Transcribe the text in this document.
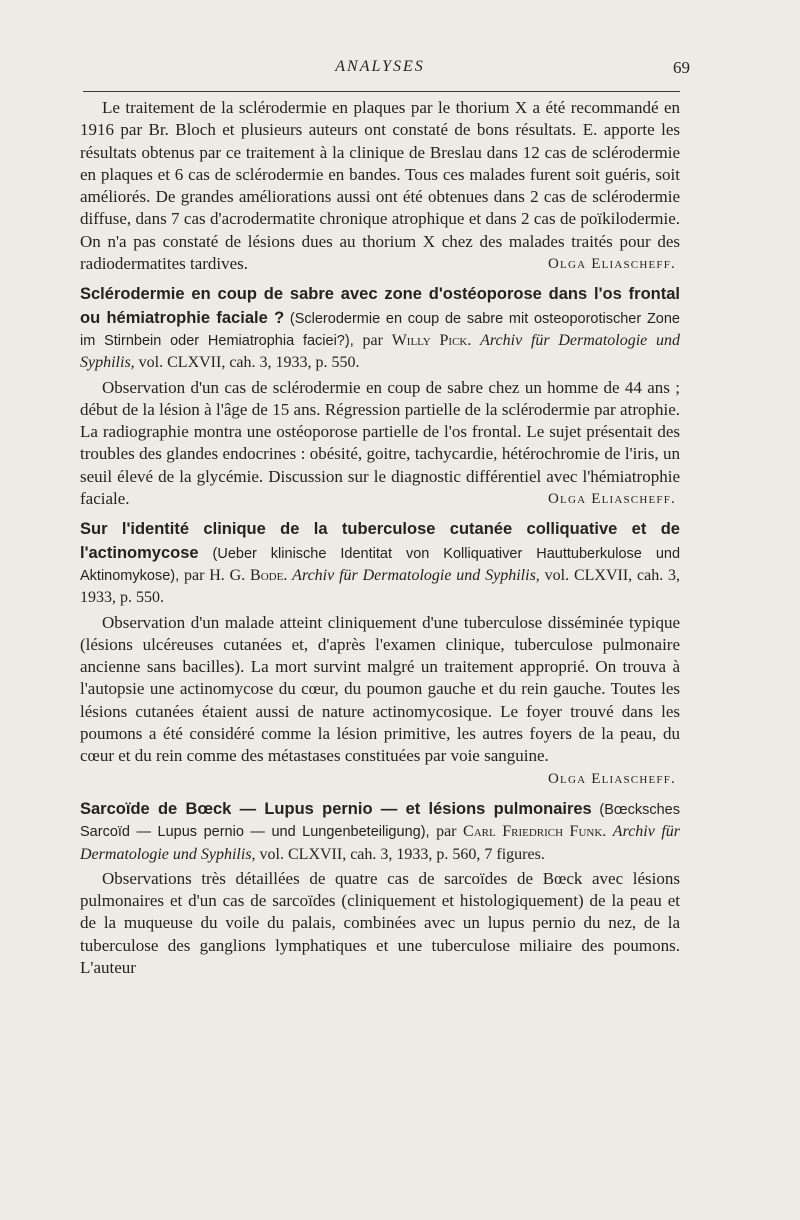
ANALYSES	69

Le traitement de la sclérodermie en plaques par le thorium X a été recommandé en 1916 par Br. Bloch et plusieurs auteurs ont constaté de bons résultats. E. apporte les résultats obtenus par ce traitement à la clinique de Breslau dans 12 cas de sclérodermie en plaques et 6 cas de sclérodermie en bandes. Tous ces malades furent soit guéris, soit améliorés. De grandes améliorations aussi ont été obtenues dans 2 cas de sclérodermie diffuse, dans 7 cas d'acrodermatite chronique atrophique et dans 2 cas de poïkilodermie. On n'a pas constaté de lésions dues au thorium X chez des malades traités pour des radiodermatites tardives.	Olga Eliascheff.

Sclérodermie en coup de sabre avec zone d'ostéoporose dans l'os frontal ou hémiatrophie faciale ? (Sclerodermie en coup de sabre mit osteoporotischer Zone im Stirnbein oder Hemiatrophia faciei?), par Willy Pick. Archiv für Dermatologie und Syphilis, vol. CLXVII, cah. 3, 1933, p. 550.

Observation d'un cas de sclérodermie en coup de sabre chez un homme de 44 ans ; début de la lésion à l'âge de 15 ans. Régression partielle de la sclérodermie par atrophie. La radiographie montra une ostéoporose partielle de l'os frontal. Le sujet présentait des troubles des glandes endocrines : obésité, goitre, tachycardie, hétérochromie de l'iris, un seuil élevé de la glycémie. Discussion sur le diagnostic différentiel avec l'hémiatrophie faciale.	Olga Eliascheff.

Sur l'identité clinique de la tuberculose cutanée colliquative et de l'actinomycose (Ueber klinische Identitat von Kolliquativer Hauttuberkulose und Aktinomykose), par H. G. Bode. Archiv für Dermatologie und Syphilis, vol. CLXVII, cah. 3, 1933, p. 550.

Observation d'un malade atteint cliniquement d'une tuberculose disséminée typique (lésions ulcéreuses cutanées et, d'après l'examen clinique, tuberculose pulmonaire ancienne sans bacilles). La mort survint malgré un traitement approprié. On trouva à l'autopsie une actinomycose du cœur, du poumon gauche et du rein gauche. Toutes les lésions cutanées étaient aussi de nature actinomycosique. Le foyer trouvé dans les poumons a été considéré comme la lésion primitive, les autres foyers de la peau, du cœur et du rein comme des métastases constituées par voie sanguine.
Olga Eliascheff.

Sarcoïde de Bœck — Lupus pernio — et lésions pulmonaires (Bœcksches Sarcoïd — Lupus pernio — und Lungenbeteiligung), par Carl Friedrich Funk. Archiv für Dermatologie und Syphilis, vol. CLXVII, cah. 3, 1933, p. 560, 7 figures.

Observations très détaillées de quatre cas de sarcoïdes de Bœck avec lésions pulmonaires et d'un cas de sarcoïdes (cliniquement et histologiquement) de la peau et de la muqueuse du voile du palais, combinées avec un lupus pernio du nez, de la tuberculose des ganglions lymphatiques et une tuberculose miliaire des poumons. L'auteur
